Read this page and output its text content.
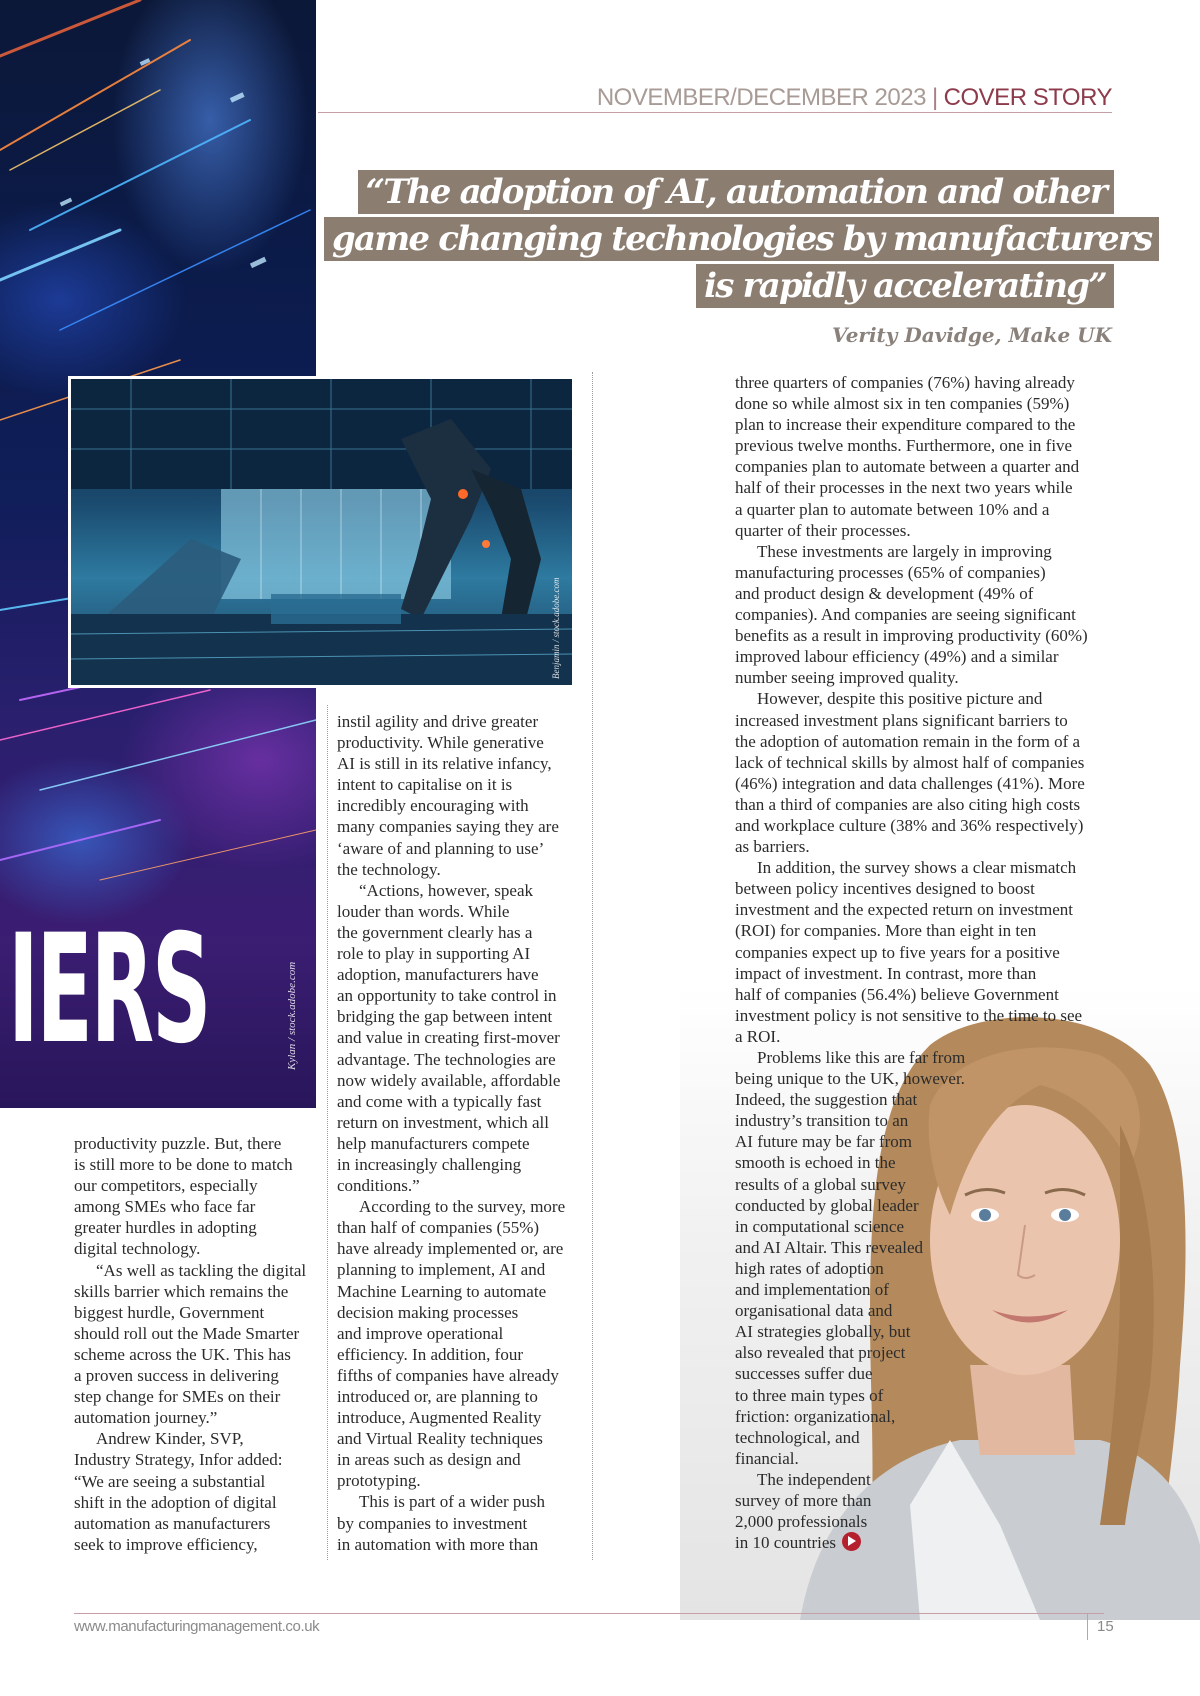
IERS	Kylan / stock.adobe.com
NOVEMBER/DECEMBER 2023 | COVER STORY
“The adoption of AI, automation and other
game changing technologies by manufacturers
is rapidly accelerating”
Verity Davidge, Make UK
Benjamin / stock.adobe.com

productivity puzzle. But, there
is still more to be done to match
our competitors, especially
among SMEs who face far
greater hurdles in adopting
digital technology.

“As well as tackling the digital
skills barrier which remains the
biggest hurdle, Government
should roll out the Made Smarter
scheme across the UK. This has
a proven success in delivering
step change for SMEs on their
automation journey.”

Andrew Kinder, SVP,
Industry Strategy, Infor added:
“We are seeing a substantial
shift in the adoption of digital
automation as manufacturers
seek to improve efficiency,

instil agility and drive greater
productivity. While generative
AI is still in its relative infancy,
intent to capitalise on it is
incredibly encouraging with
many companies saying they are
‘aware of and planning to use’
the technology.

“Actions, however, speak
louder than words. While
the government clearly has a
role to play in supporting AI
adoption, manufacturers have
an opportunity to take control in
bridging the gap between intent
and value in creating first-mover
advantage. The technologies are
now widely available, affordable
and come with a typically fast
return on investment, which all
help manufacturers compete
in increasingly challenging
conditions.”

According to the survey, more
than half of companies (55%)
have already implemented or, are
planning to implement, AI and
Machine Learning to automate
decision making processes
and improve operational
efficiency. In addition, four
fifths of companies have already
introduced or, are planning to
introduce, Augmented Reality
and Virtual Reality techniques
in areas such as design and
prototyping.

This is part of a wider push
by companies to investment
in automation with more than

three quarters of companies (76%) having already
done so while almost six in ten companies (59%)
plan to increase their expenditure compared to the
previous twelve months. Furthermore, one in five
companies plan to automate between a quarter and
half of their processes in the next two years while
a quarter plan to automate between 10% and a
quarter of their processes.

These investments are largely in improving
manufacturing processes (65% of companies)
and product design & development (49% of
companies). And companies are seeing significant
benefits as a result in improving productivity (60%)
improved labour efficiency (49%) and a similar
number seeing improved quality.

However, despite this positive picture and
increased investment plans significant barriers to
the adoption of automation remain in the form of a
lack of technical skills by almost half of companies
(46%) integration and data challenges (41%). More
than a third of companies are also citing high costs
and workplace culture (38% and 36% respectively)
as barriers.

In addition, the survey shows a clear mismatch
between policy incentives designed to boost
investment and the expected return on investment
(ROI) for companies. More than eight in ten
companies expect up to five years for a positive
impact of investment. In contrast, more than
half of companies (56.4%) believe Government
investment policy is not sensitive to the time to see
a ROI.

Problems like this are far from
being unique to the UK, however.
Indeed, the suggestion that
industry’s transition to an
AI future may be far from
smooth is echoed in the
results of a global survey
conducted by global leader
in computational science
and AI Altair. This revealed
high rates of adoption
and implementation of
organisational data and
AI strategies globally, but
also revealed that project
successes suffer due
to three main types of
friction: organizational,
technological, and
financial.

The independent
survey of more than
2,000 professionals
in 10 countries

www.manufacturingmanagement.co.uk	15
